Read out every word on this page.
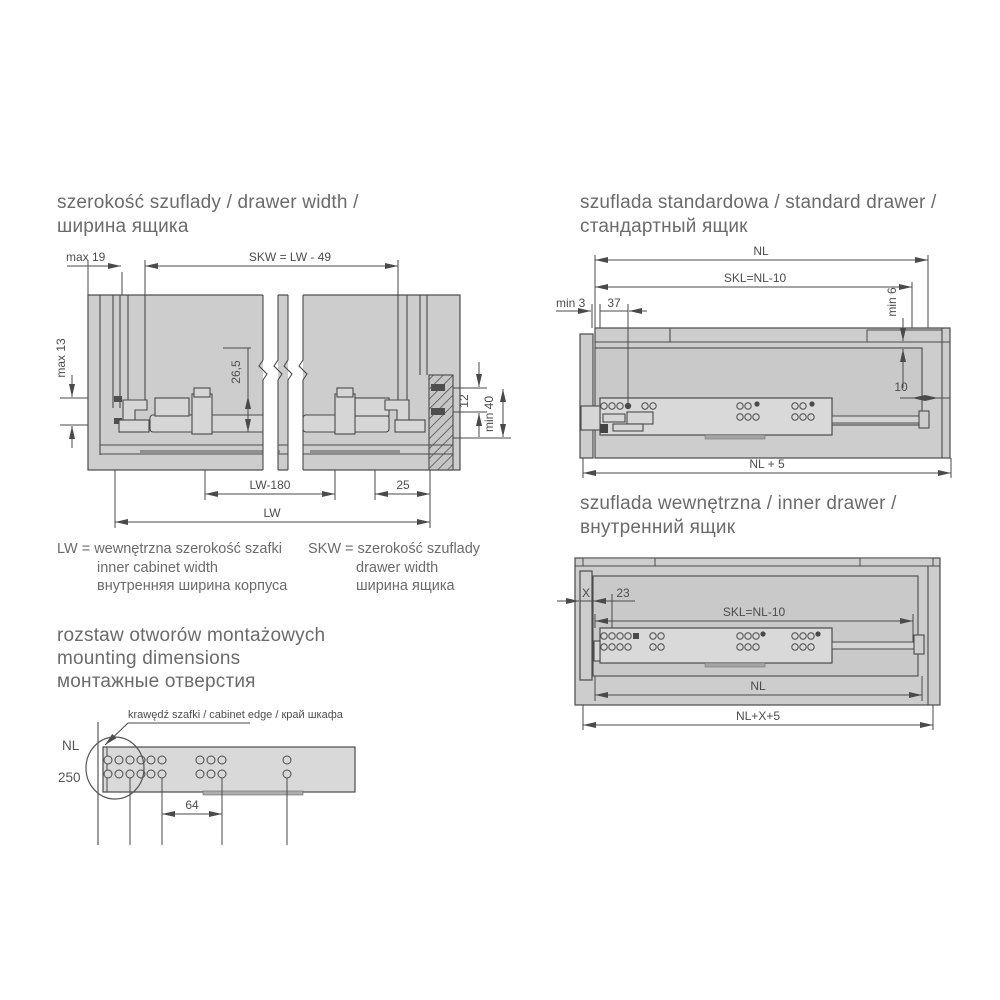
szerokość szuflady / drawer width /
ширина ящика
max 19	SKW = LW - 49
max 13	26,5
12 min 40
LW-180	25
LW
LW = wewnętrzna szerokość szafki
inner cabinet width
внутренняя ширина корпуса
SKW = szerokość szuflady
drawer width
ширина ящика
rozstaw otworów montażowych
mounting dimensions
монтажные отверстия
krawędź szafki / cabinet edge / край шкафа
NL
250
64
szuflada standardowa / standard drawer /
стандартный ящик
NL
SKL=NL-10
min 3 37	min 6
10
NL + 5
szuflada wewnętrzna / inner drawer /
внутренний ящик
X 23
SKL=NL-10
NL
NL+X+5
